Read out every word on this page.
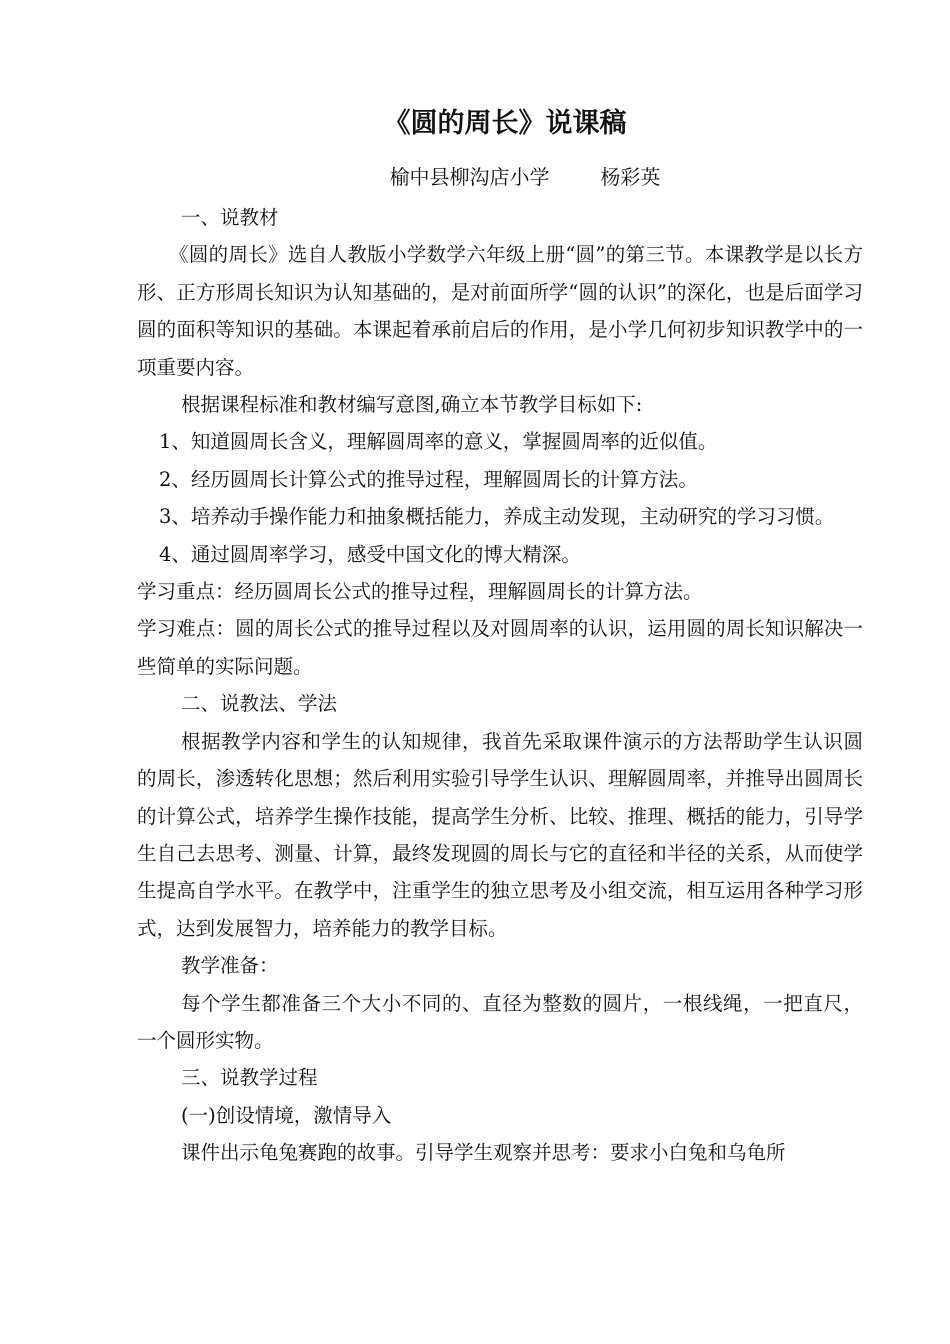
《圆的周长》说课稿
榆中县柳沟店小学        杨彩英

一、说教材

《圆的周长》选自人教版小学数学六年级上册“圆”的第三节。本课教学是以长方形、正方形周长知识为认知基础的，是对前面所学“圆的认识”的深化，也是后面学习圆的面积等知识的基础。本课起着承前启后的作用，是小学几何初步知识教学中的一项重要内容。

根据课程标准和教材编写意图,确立本节教学目标如下:

1、知道圆周长含义，理解圆周率的意义，掌握圆周率的近似值。

2、经历圆周长计算公式的推导过程，理解圆周长的计算方法。

3、培养动手操作能力和抽象概括能力，养成主动发现，主动研究的学习习惯。

4、通过圆周率学习，感受中国文化的博大精深。

学习重点：经历圆周长公式的推导过程，理解圆周长的计算方法。

学习难点：圆的周长公式的推导过程以及对圆周率的认识，运用圆的周长知识解决一些简单的实际问题。

二、说教法、学法

根据教学内容和学生的认知规律，我首先采取课件演示的方法帮助学生认识圆的周长，渗透转化思想；然后利用实验引导学生认识、理解圆周率，并推导出圆周长的计算公式，培养学生操作技能，提高学生分析、比较、推理、概括的能力，引导学生自己去思考、测量、计算，最终发现圆的周长与它的直径和半径的关系，从而使学生提高自学水平。在教学中，注重学生的独立思考及小组交流，相互运用各种学习形式，达到发展智力，培养能力的教学目标。

教学准备：

每个学生都准备三个大小不同的、直径为整数的圆片，一根线绳，一把直尺，一个圆形实物。

三、说教学过程

(一)创设情境，激情导入

课件出示龟兔赛跑的故事。引导学生观察并思考：要求小白兔和乌龟所
